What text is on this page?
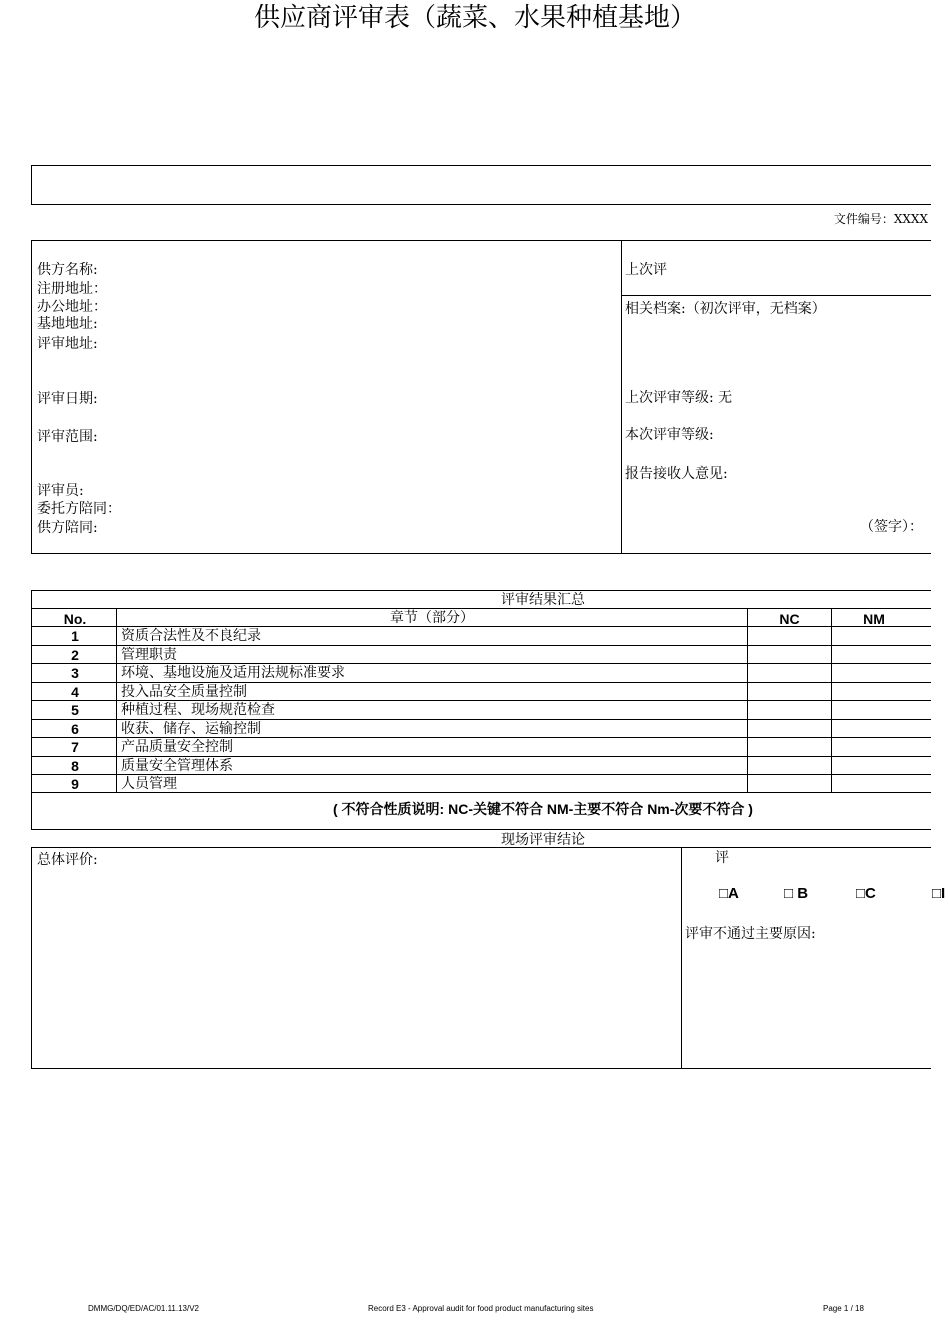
供应商评审表（蔬菜、水果种植基地）
文件编号：XXXX
供方名称:
注册地址：
办公地址：
基地地址:
评审地址:
评审日期:
评审范围:
评审员:
委托方陪同：
供方陪同:
上次评
相关档案:（初次评审，无档案）
上次评审等级: 无
本次评审等级:
报告接收人意见:
（签字）：
评审结果汇总
No.	章节（部分）	NC	NM
1	资质合法性及不良纪录
2	管理职责
3	环境、基地设施及适用法规标准要求
4	投入品安全质量控制
5	种植过程、现场规范检查
6	收获、储存、运输控制
7	产品质量安全控制
8	质量安全管理体系
9	人员管理
( 不符合性质说明: NC-关键不符合 NM-主要不符合 Nm-次要不符合 )
现场评审结论
总体评价:	评
□A	□ B	□C	□I
评审不通过主要原因:
DMMG/DQ/ED/AC/01.11.13/V2	Record E3 - Approval audit for food product manufacturing sites	Page 1 / 18
